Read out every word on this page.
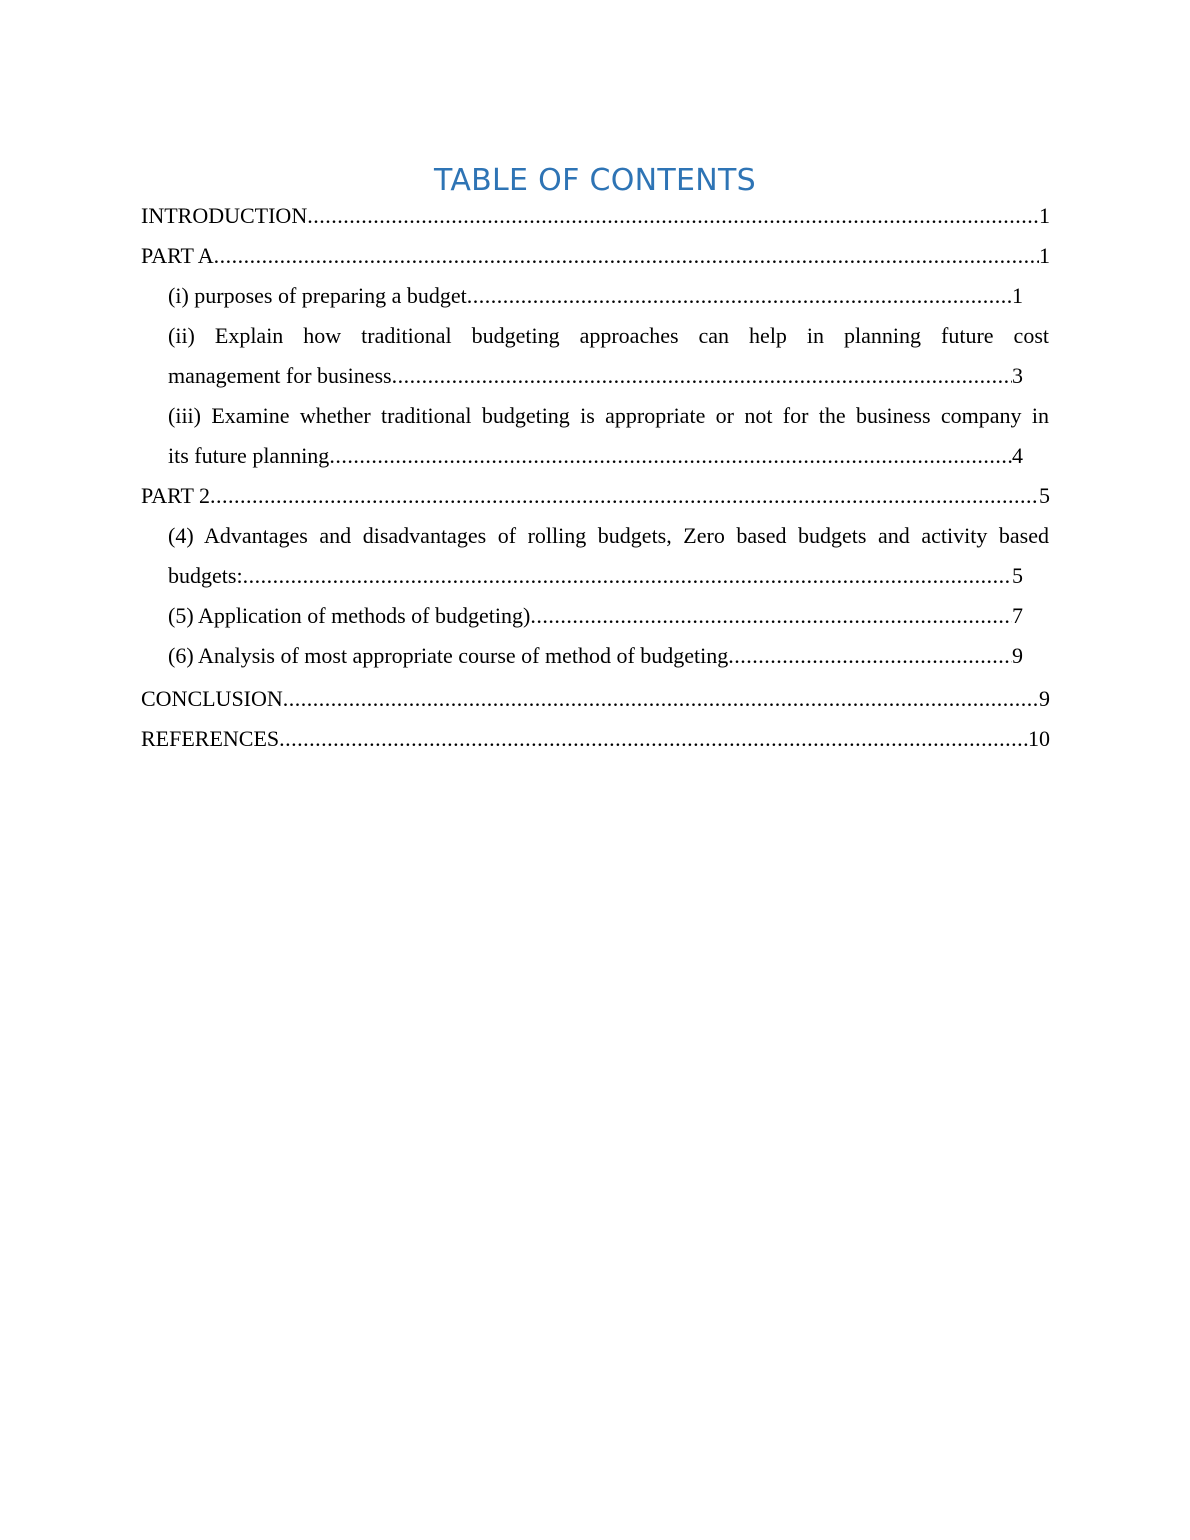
TABLE OF CONTENTS
INTRODUCTION .....	1
PART A .....	1
(i) purposes of preparing a budget .....	1
(ii) Explain how traditional budgeting approaches can help in planning future cost
management for business .....	3
(iii) Examine whether traditional budgeting is appropriate or not for the business company in
its future planning .....	4
PART 2 .....	5
(4) Advantages and disadvantages of rolling budgets, Zero based budgets and activity based
budgets: .....	5
(5) Application of methods of budgeting) .....	7
(6) Analysis of most appropriate course of method of budgeting .....	9
CONCLUSION .....	9
REFERENCES .....	10
